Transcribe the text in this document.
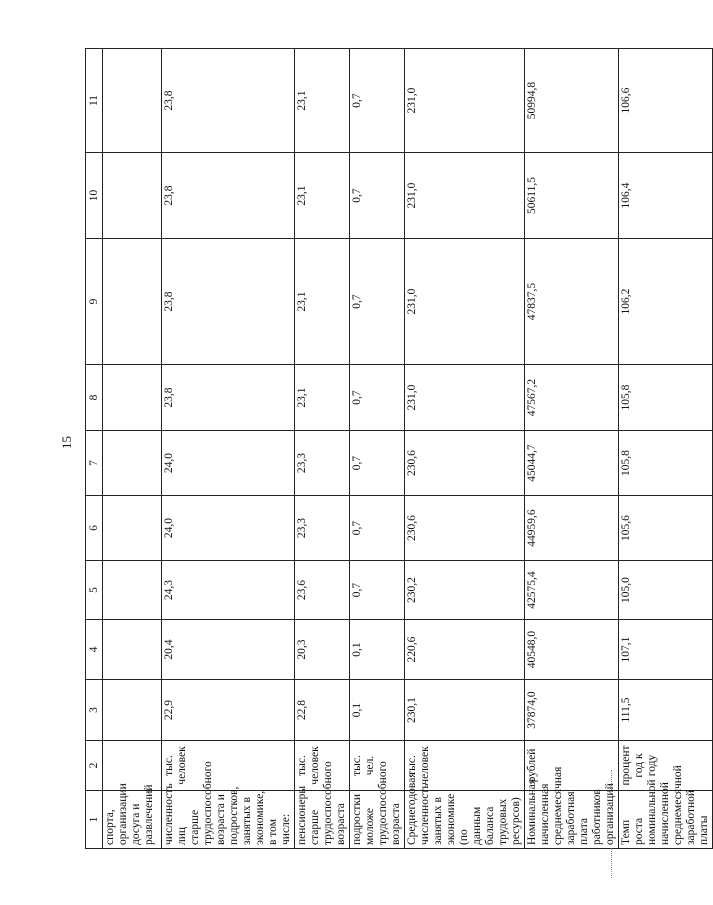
15
1	2	3	4	5	6	7	8	9	10	11
спорта, организации досуга и развлечений										
численность лиц старше трудоспособного возраста и подростков, занятых в экономике, в том числе:	тыс. человек	22,9	20,4	24,3	24,0	24,0	23,8	23,8	23,8	23,8
пенсионеры старше трудоспособного возраста	тыс. человек	22,8	20,3	23,6	23,3	23,3	23,1	23,1	23,1	23,1
подростки моложе трудоспособного возраста	тыс. чел.	0,1	0,1	0,7	0,7	0,7	0,7	0,7	0,7	0,7
Среднегодовая численность занятых в экономике (по данным баланса трудовых ресурсов)	тыс. человек	230,1	220,6	230,2	230,6	230,6	231,0	231,0	231,0	231,0
Номинальная начисленная среднемесячная заработная плата работников организаций	рублей	37874,0	40548,0	42575,4	44959,6	45044,7	47567,2	47837,5	50611,5	50994,8
Темп роста номинальной начисленной среднемесячной заработной платы	процент год к году	111,5	107,1	105,0	105,6	105,8	105,8	106,2	106,4	106,6
